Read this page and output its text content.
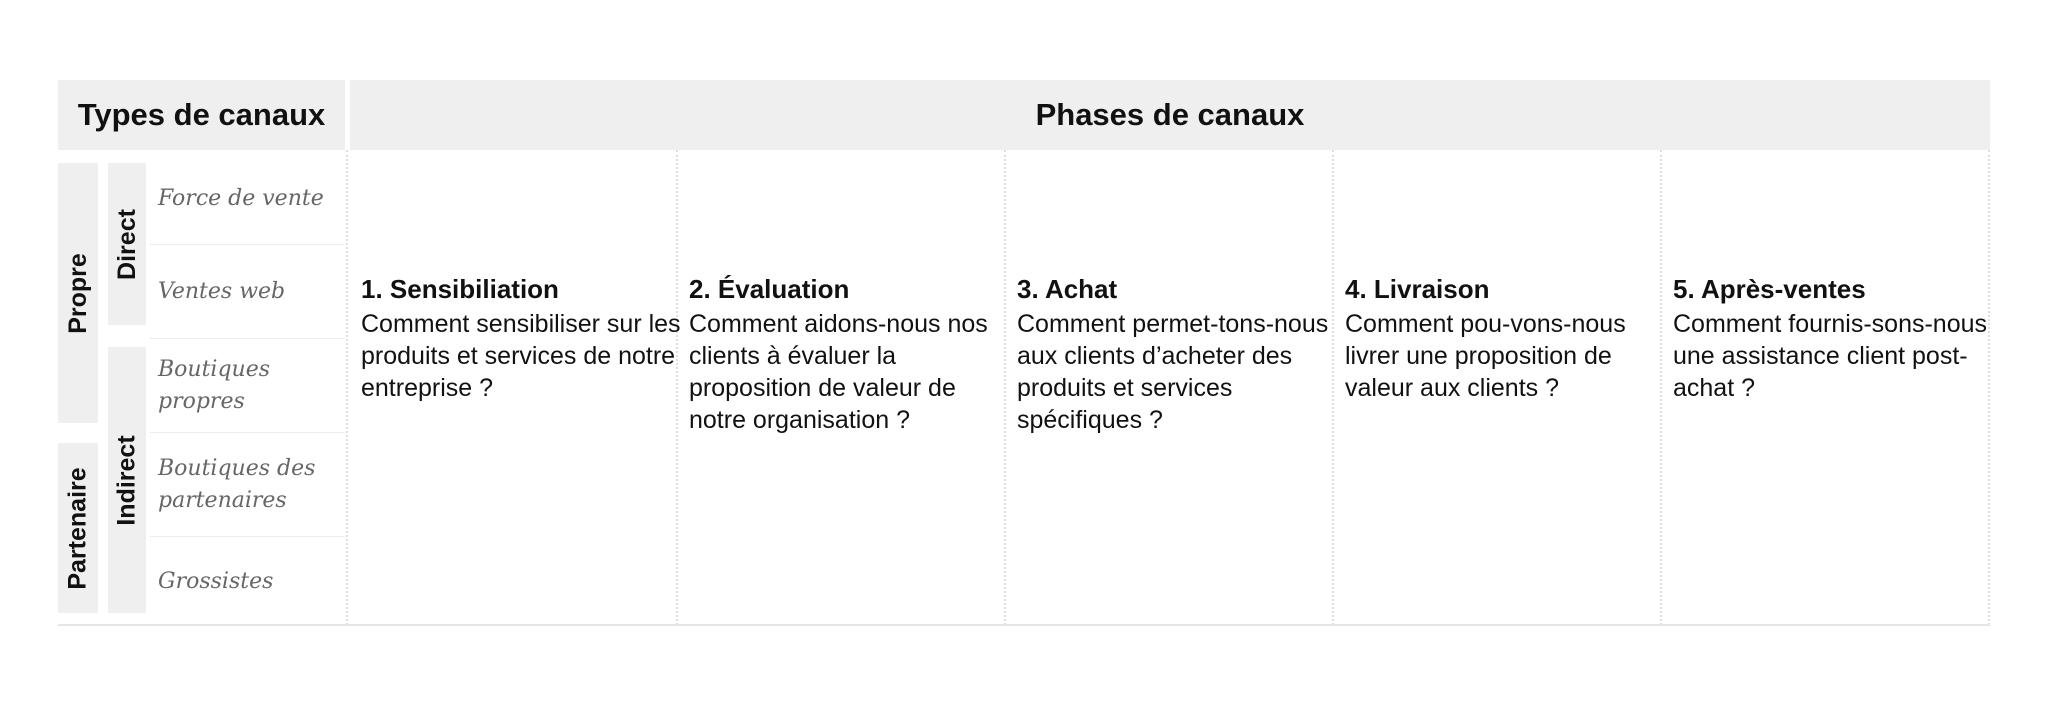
Types de canaux	Phases de canaux
Propre
Partenaire
Direct
Indirect
Force de vente
Ventes web
Boutiques propres
Boutiques des partenaires
Grossistes
1. Sensibiliation
Comment sensibiliser sur les produits et services de notre entreprise ?
2. Évaluation
Comment aidons-nous nos clients à évaluer la proposition de valeur de notre organisation ?
3. Achat
Comment permet-tons-nous aux clients d’acheter des produits et services spécifiques ?
4. Livraison
Comment pou-vons-nous livrer une proposition de valeur aux clients ?
5. Après-ventes
Comment fournis-sons-nous une assistance client post-achat ?
